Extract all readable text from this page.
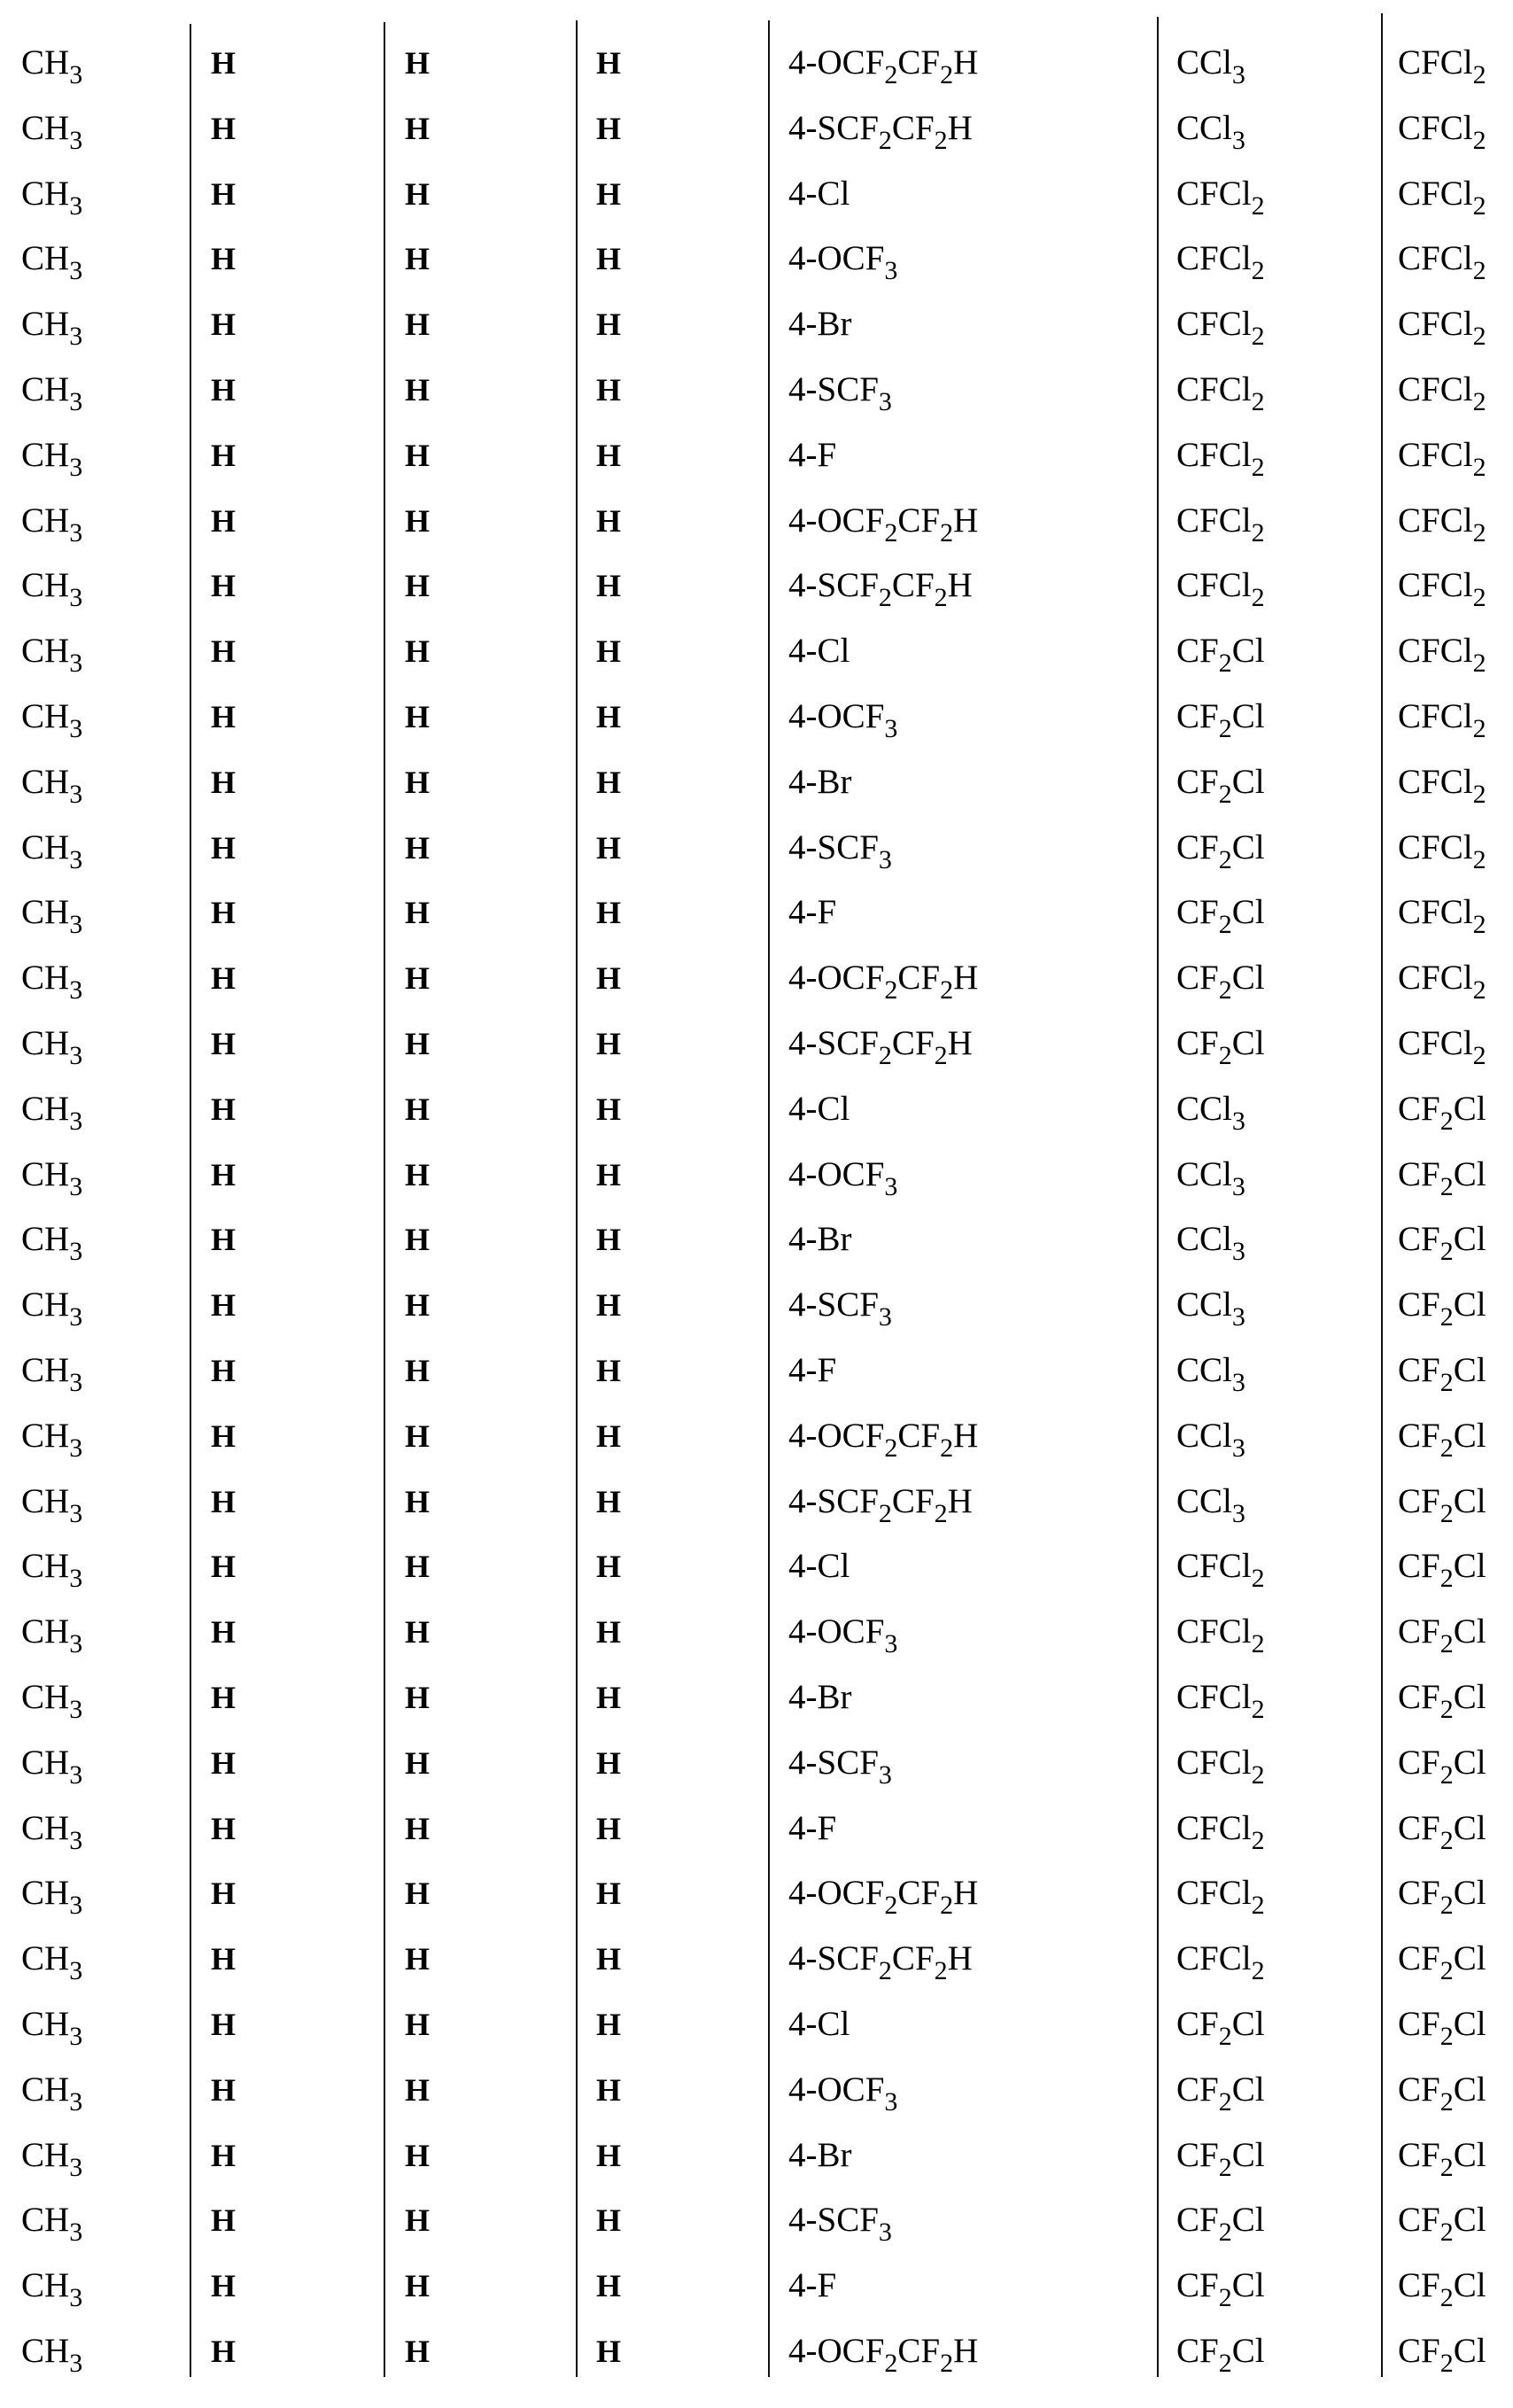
$CH_3$	H	H	H	$4-OCF_2CF_2H$	CCl$_3$	CFCl$_2$
$CH_3$	H	H	H	$4-SCF_2CF_2H$	CCl$_3$	CFCl$_2$
$CH_3$	H	H	H	4-Cl	CFCl$_2$	CFCl$_2$
$CH_3$	H	H	H	$4-OCF_3$	CFCl$_2$	CFCl$_2$
$CH_3$	H	H	H	4-Br	CFCl$_2$	CFCl$_2$
$CH_3$	H	H	H	$4-SCF_3$	CFCl$_2$	CFCl$_2$
$CH_3$	H	H	H	4-F	CFCl$_2$	CFCl$_2$
$CH_3$	H	H	H	$4-OCF_2CF_2H$	CFCl$_2$	CFCl$_2$
$CH_3$	H	H	H	$4-SCF_2CF_2H$	CFCl$_2$	CFCl$_2$
$CH_3$	H	H	H	4-Cl	$CF_2Cl$	CFCl$_2$
$CH_3$	H	H	H	$4-OCF_3$	$CF_2Cl$	CFCl$_2$
$CH_3$	H	H	H	4-Br	$CF_2Cl$	CFCl$_2$
$CH_3$	H	H	H	$4-SCF_3$	$CF_2Cl$	CFCl$_2$
$CH_3$	H	H	H	4-F	$CF_2Cl$	CFCl$_2$
$CH_3$	H	H	H	$4-OCF_2CF_2H$	$CF_2Cl$	CFCl$_2$
$CH_3$	H	H	H	$4-SCF_2CF_2H$	$CF_2Cl$	CFCl$_2$
$CH_3$	H	H	H	4-Cl	CCl$_3$	$CF_2Cl$
$CH_3$	H	H	H	$4-OCF_3$	CCl$_3$	$CF_2Cl$
$CH_3$	H	H	H	4-Br	CCl$_3$	$CF_2Cl$
$CH_3$	H	H	H	$4-SCF_3$	CCl$_3$	$CF_2Cl$
$CH_3$	H	H	H	4-F	CCl$_3$	$CF_2Cl$
$CH_3$	H	H	H	$4-OCF_2CF_2H$	CCl$_3$	$CF_2Cl$
$CH_3$	H	H	H	$4-SCF_2CF_2H$	CCl$_3$	$CF_2Cl$
$CH_3$	H	H	H	4-Cl	CFCl$_2$	$CF_2Cl$
$CH_3$	H	H	H	$4-OCF_3$	CFCl$_2$	$CF_2Cl$
$CH_3$	H	H	H	4-Br	CFCl$_2$	$CF_2Cl$
$CH_3$	H	H	H	$4-SCF_3$	CFCl$_2$	$CF_2Cl$
$CH_3$	H	H	H	4-F	CFCl$_2$	$CF_2Cl$
$CH_3$	H	H	H	$4-OCF_2CF_2H$	CFCl$_2$	$CF_2Cl$
$CH_3$	H	H	H	$4-SCF_2CF_2H$	CFCl$_2$	$CF_2Cl$
$CH_3$	H	H	H	4-Cl	$CF_2Cl$	$CF_2Cl$
$CH_3$	H	H	H	$4-OCF_3$	$CF_2Cl$	$CF_2Cl$
$CH_3$	H	H	H	4-Br	$CF_2Cl$	$CF_2Cl$
$CH_3$	H	H	H	$4-SCF_3$	$CF_2Cl$	$CF_2Cl$
$CH_3$	H	H	H	4-F	$CF_2Cl$	$CF_2Cl$
$CH_3$	H	H	H	$4-OCF_2CF_2H$	$CF_2Cl$	$CF_2Cl$
